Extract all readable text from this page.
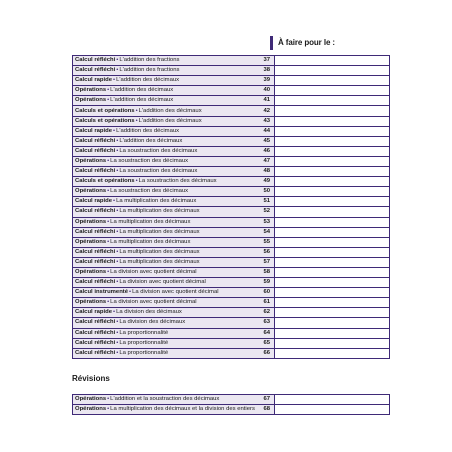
À faire pour le :
Calcul réfléchi•L'addition des fractions	37	
Calcul réfléchi•L'addition des fractions	38	
Calcul rapide•L'addition des décimaux	39	
Opérations•L'addition des décimaux	40	
Opérations•L'addition des décimaux	41	
Calculs et opérations•L'addition des décimaux	42	
Calculs et opérations•L'addition des décimaux	43	
Calcul rapide•L'addition des décimaux	44	
Calcul réfléchi•L'addition des décimaux	45	
Calcul réfléchi•La soustraction des décimaux	46	
Opérations•La soustraction des décimaux	47	
Calcul réfléchi•La soustraction des décimaux	48	
Calculs et opérations•La soustraction des décimaux	49	
Opérations•La soustraction des décimaux	50	
Calcul rapide•La multiplication des décimaux	51	
Calcul réfléchi•La multiplication des décimaux	52	
Opérations•La multiplication des décimaux	53	
Calcul réfléchi•La multiplication des décimaux	54	
Opérations•La multiplication des décimaux	55	
Calcul réfléchi•La multiplication des décimaux	56	
Calcul réfléchi•La multiplication des décimaux	57	
Opérations•La division avec quotient décimal	58	
Calcul réfléchi•La division avec quotient décimal	59	
Calcul instrumenté•La division avec quotient décimal	60	
Opérations•La division avec quotient décimal	61	
Calcul rapide•La division des décimaux	62	
Calcul réfléchi•La division des décimaux	63	
Calcul réfléchi•La proportionnalité	64	
Calcul réfléchi•La proportionnalité	65	
Calcul réfléchi•La proportionnalité	66	
Révisions
Opérations•L'addition et la soustraction des décimaux	67	
Opérations•La multiplication des décimaux et la division des entiers	68	
